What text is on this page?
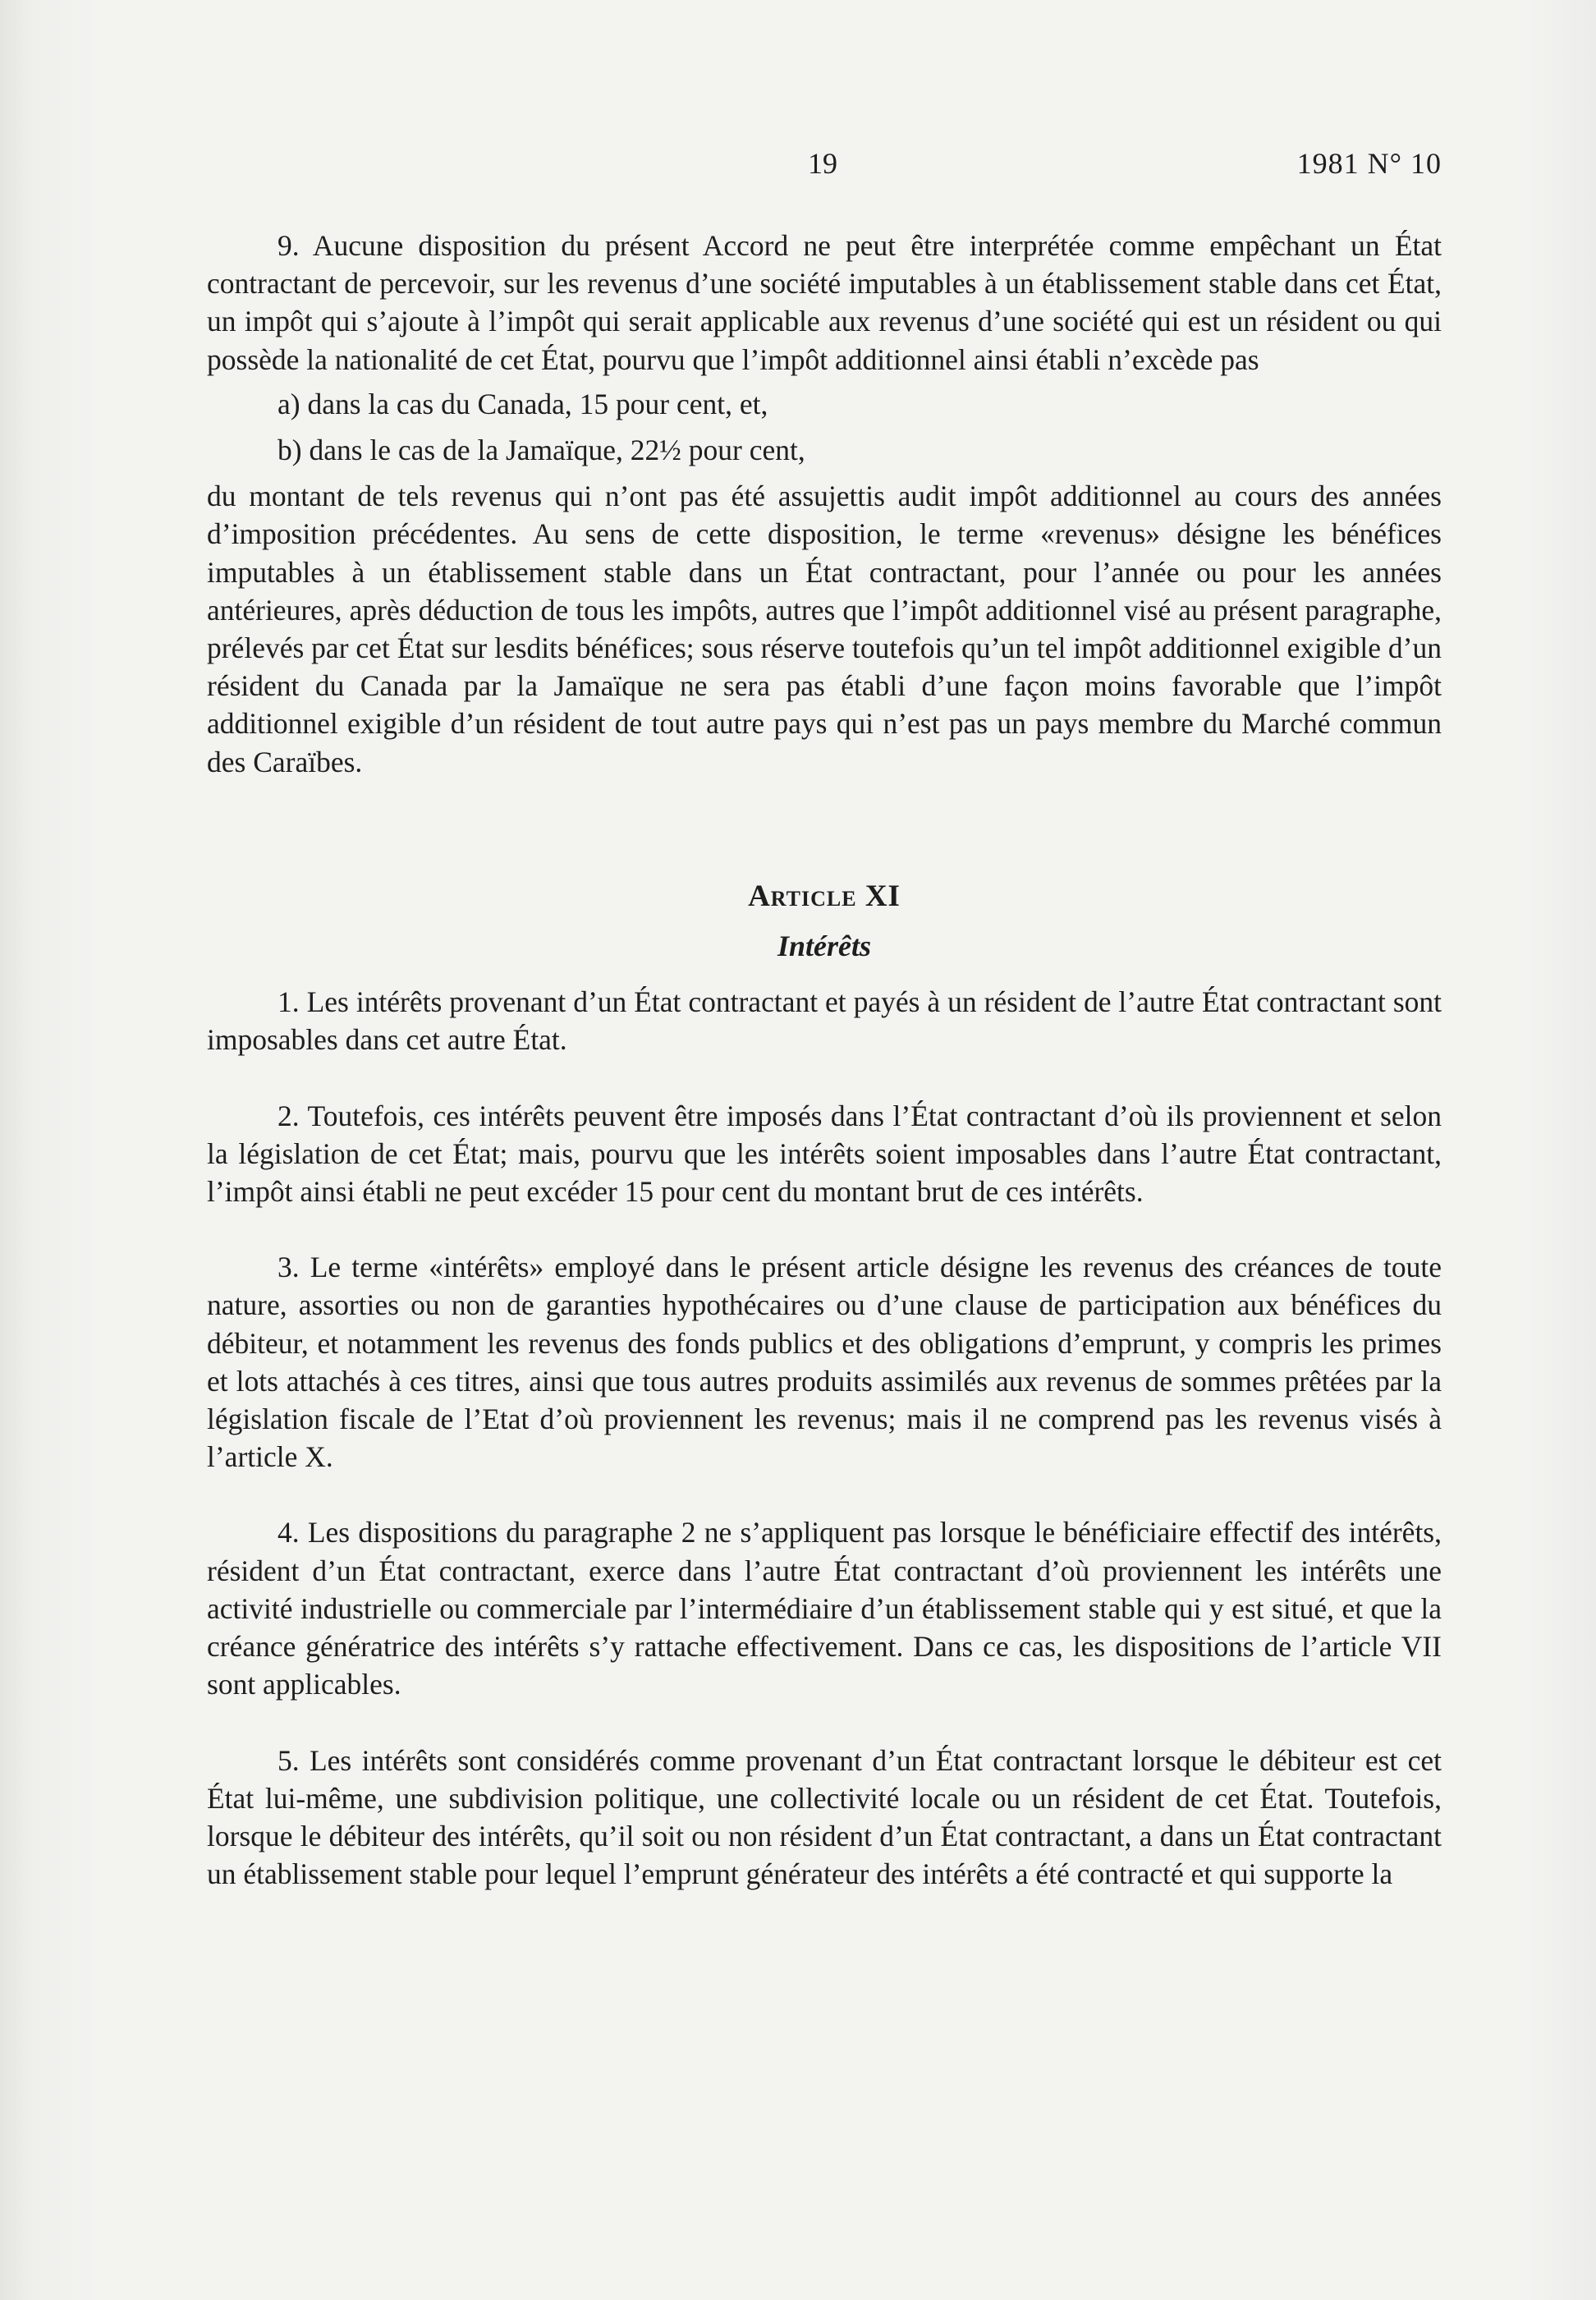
19	1981 N° 10

9. Aucune disposition du présent Accord ne peut être interprétée comme empêchant un État contractant de percevoir, sur les revenus d’une société imputables à un établissement stable dans cet État, un impôt qui s’ajoute à l’impôt qui serait applicable aux revenus d’une société qui est un résident ou qui possède la nationalité de cet État, pourvu que l’impôt additionnel ainsi établi n’excède pas

a) dans la cas du Canada, 15 pour cent, et,

b) dans le cas de la Jamaïque, 22½ pour cent,

du montant de tels revenus qui n’ont pas été assujettis audit impôt additionnel au cours des années d’imposition précédentes. Au sens de cette disposition, le terme «revenus» désigne les bénéfices imputables à un établissement stable dans un État contractant, pour l’année ou pour les années antérieures, après déduction de tous les impôts, autres que l’impôt additionnel visé au présent paragraphe, prélevés par cet État sur lesdits bénéfices; sous réserve toutefois qu’un tel impôt additionnel exigible d’un résident du Canada par la Jamaïque ne sera pas établi d’une façon moins favorable que l’impôt additionnel exigible d’un résident de tout autre pays qui n’est pas un pays membre du Marché commun des Caraïbes.

Article XI
Intérêts

1. Les intérêts provenant d’un État contractant et payés à un résident de l’autre État contractant sont imposables dans cet autre État.

2. Toutefois, ces intérêts peuvent être imposés dans l’État contractant d’où ils proviennent et selon la législation de cet État; mais, pourvu que les intérêts soient imposables dans l’autre État contractant, l’impôt ainsi établi ne peut excéder 15 pour cent du montant brut de ces intérêts.

3. Le terme «intérêts» employé dans le présent article désigne les revenus des créances de toute nature, assorties ou non de garanties hypothécaires ou d’une clause de participation aux bénéfices du débiteur, et notamment les revenus des fonds publics et des obligations d’emprunt, y compris les primes et lots attachés à ces titres, ainsi que tous autres produits assimilés aux revenus de sommes prêtées par la législation fiscale de l’Etat d’où proviennent les revenus; mais il ne comprend pas les revenus visés à l’article X.

4. Les dispositions du paragraphe 2 ne s’appliquent pas lorsque le bénéficiaire effectif des intérêts, résident d’un État contractant, exerce dans l’autre État contractant d’où proviennent les intérêts une activité industrielle ou commerciale par l’intermédiaire d’un établissement stable qui y est situé, et que la créance génératrice des intérêts s’y rattache effectivement. Dans ce cas, les dispositions de l’article VII sont applicables.

5. Les intérêts sont considérés comme provenant d’un État contractant lorsque le débiteur est cet État lui-même, une subdivision politique, une collectivité locale ou un résident de cet État. Toutefois, lorsque le débiteur des intérêts, qu’il soit ou non résident d’un État contractant, a dans un État contractant un établissement stable pour lequel l’emprunt générateur des intérêts a été contracté et qui supporte la
